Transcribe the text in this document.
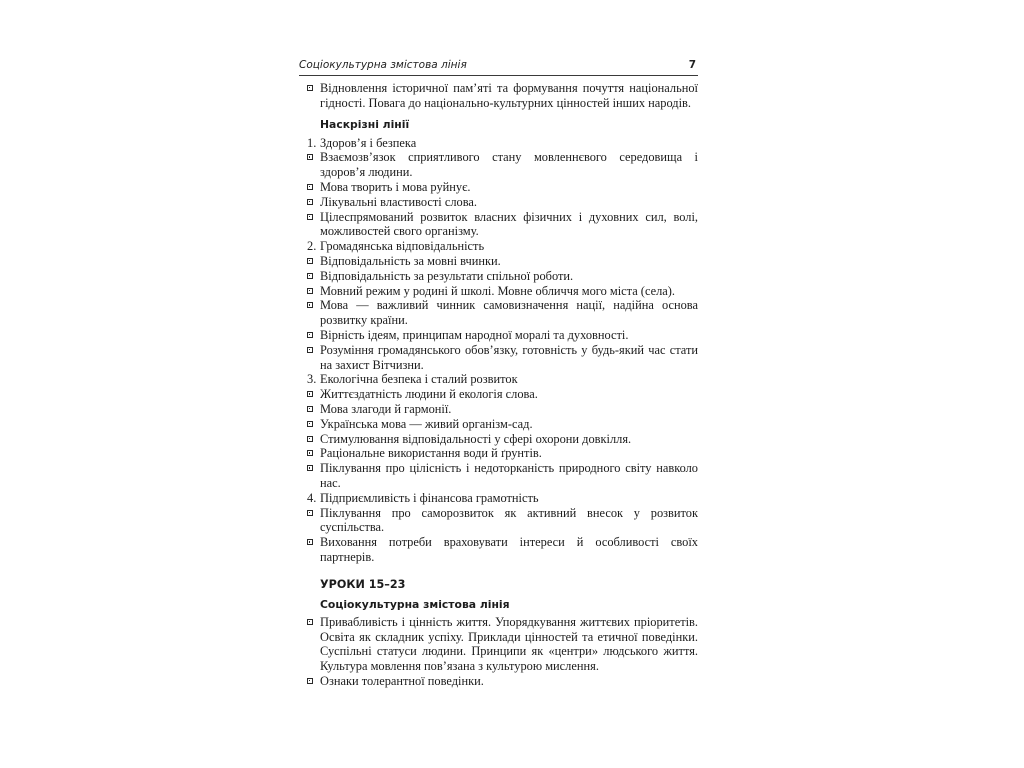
Соціокультурна змістова лінія	7
Відновлення історичної пам’яті та формування почуття національної гідності. Повага до національно-культурних цінностей інших народів.
Наскрізні лінії
1. Здоров’я і безпека
Взаємозв’язок сприятливого стану мовленнєвого середовища і здоров’я людини.
Мова творить і мова руйнує.
Лікувальні властивості слова.
Цілеспрямований розвиток власних фізичних і духовних сил, волі, можливостей свого організму.
2. Громадянська відповідальність
Відповідальність за мовні вчинки.
Відповідальність за результати спільної роботи.
Мовний режим у родині й школі. Мовне обличчя мого міста (села).
Мова — важливий чинник самовизначення нації, надійна основа розвитку країни.
Вірність ідеям, принципам народної моралі та духовності.
Розуміння громадянського обов’язку, готовність у будь-який час стати на захист Вітчизни.
3. Екологічна безпека і сталий розвиток
Життєздатність людини й екологія слова.
Мова злагоди й гармонії.
Українська мова — живий організм-сад.
Стимулювання відповідальності у сфері охорони довкілля.
Раціональне використання води й ґрунтів.
Піклування про цілісність і недоторканість природного світу навколо нас.
4. Підприємливість і фінансова грамотність
Піклування про саморозвиток як активний внесок у розвиток суспільства.
Виховання потреби враховувати інтереси й особливості своїх партнерів.
УРОКИ 15–23
Соціокультурна змістова лінія
Привабливість і цінність життя. Упорядкування життєвих пріоритетів. Освіта як складник успіху. Приклади цінностей та етичної поведінки. Суспільні статуси людини. Принципи як «центри» людського життя. Культура мовлення пов’язана з культурою мислення.
Ознаки толерантної поведінки.
